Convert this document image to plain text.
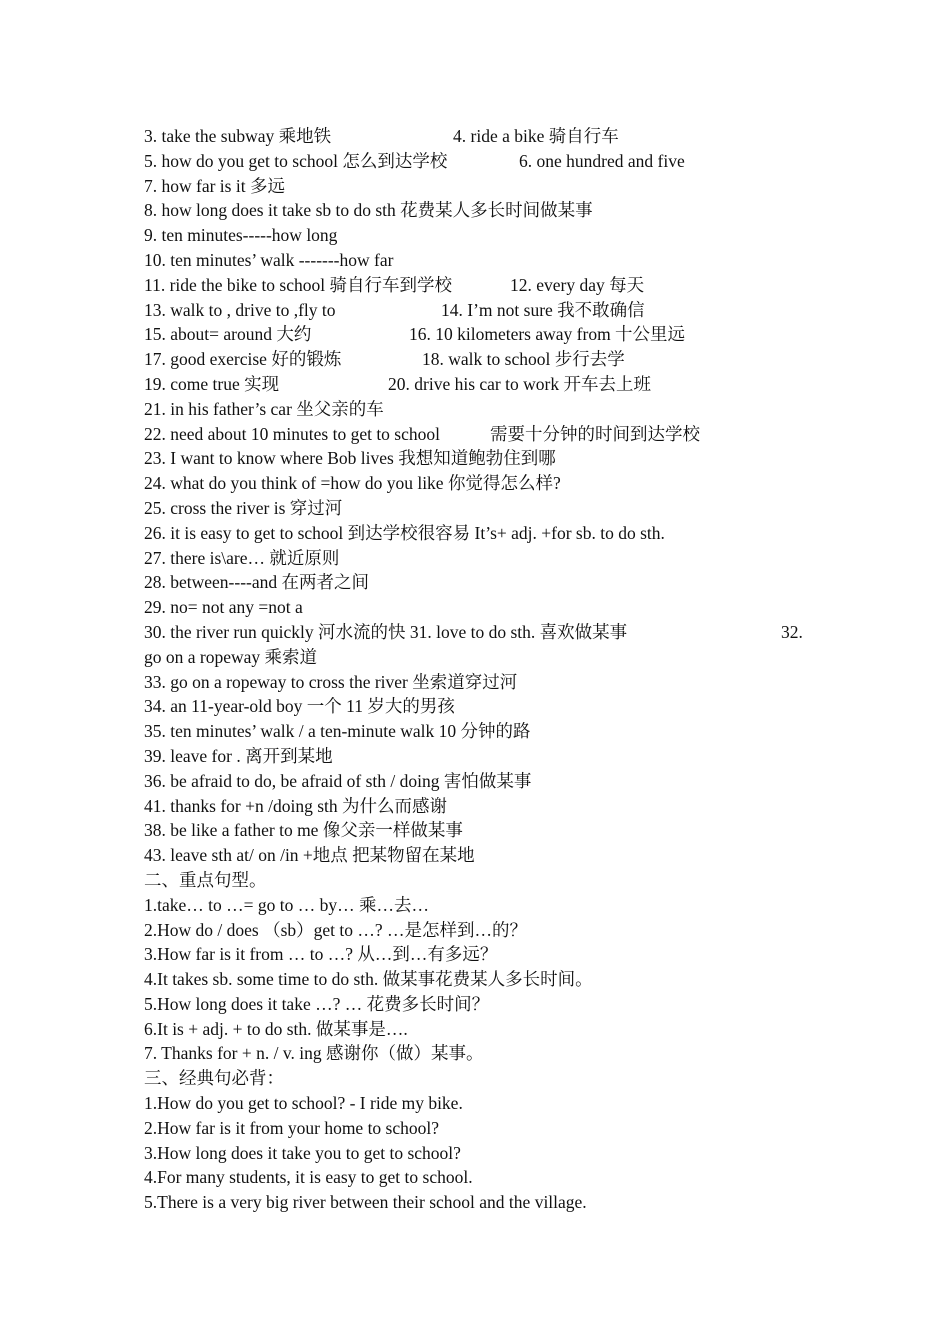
3. take the subway 乘地铁	4. ride a bike 骑自行车
5. how do you get to school 怎么到达学校	6. one hundred and five
7. how far is it 多远
8. how long does it take sb to do sth 花费某人多长时间做某事
9. ten minutes-----how long
10. ten minutes’ walk -------how far
11. ride the bike to school 骑自行车到学校	12. every day 每天
13. walk to , drive to ,fly to	14. I’m not sure 我不敢确信
15. about= around 大约	16. 10 kilometers away from 十公里远
17. good exercise 好的锻炼	18. walk to school 步行去学
19. come true 实现	20. drive his car to work 开车去上班
21. in his father’s car 坐父亲的车
22. need about 10 minutes to get to school	需要十分钟的时间到达学校
23. I want to know where Bob lives 我想知道鲍勃住到哪
24. what do you think of =how do you like 你觉得怎么样?
25. cross the river is 穿过河
26. it is easy to get to school 到达学校很容易 It’s+ adj. +for sb. to do sth.
27. there is\are… 就近原则
28. between----and 在两者之间
29. no= not any =not a
30. the river run quickly 河水流的快 31. love to do sth. 喜欢做某事	32.
go on a ropeway 乘索道
33. go on a ropeway to cross the river 坐索道穿过河
34. an 11-year-old boy 一个 11 岁大的男孩
35. ten minutes’ walk / a ten-minute walk 10 分钟的路
39. leave for . 离开到某地
36. be afraid to do, be afraid of sth / doing 害怕做某事
41. thanks for +n /doing sth 为什么而感谢
38. be like a father to me 像父亲一样做某事
43. leave sth at/ on /in +地点 把某物留在某地
二、重点句型。
1.take… to …= go to … by… 乘…去…
2.How do / does （sb）get to …? …是怎样到…的？
3.How far is it from … to …? 从…到…有多远？
4.It takes sb. some time to do sth. 做某事花费某人多长时间。
5.How long does it take …? … 花费多长时间？
6.It is + adj. + to do sth. 做某事是….
7. Thanks for + n. / v. ing 感谢你（做）某事。
三、经典句必背：
1.How do you get to school? - I ride my bike.
2.How far is it from your home to school?
3.How long does it take you to get to school?
4.For many students, it is easy to get to school.
5.There is a very big river between their school and the village.
